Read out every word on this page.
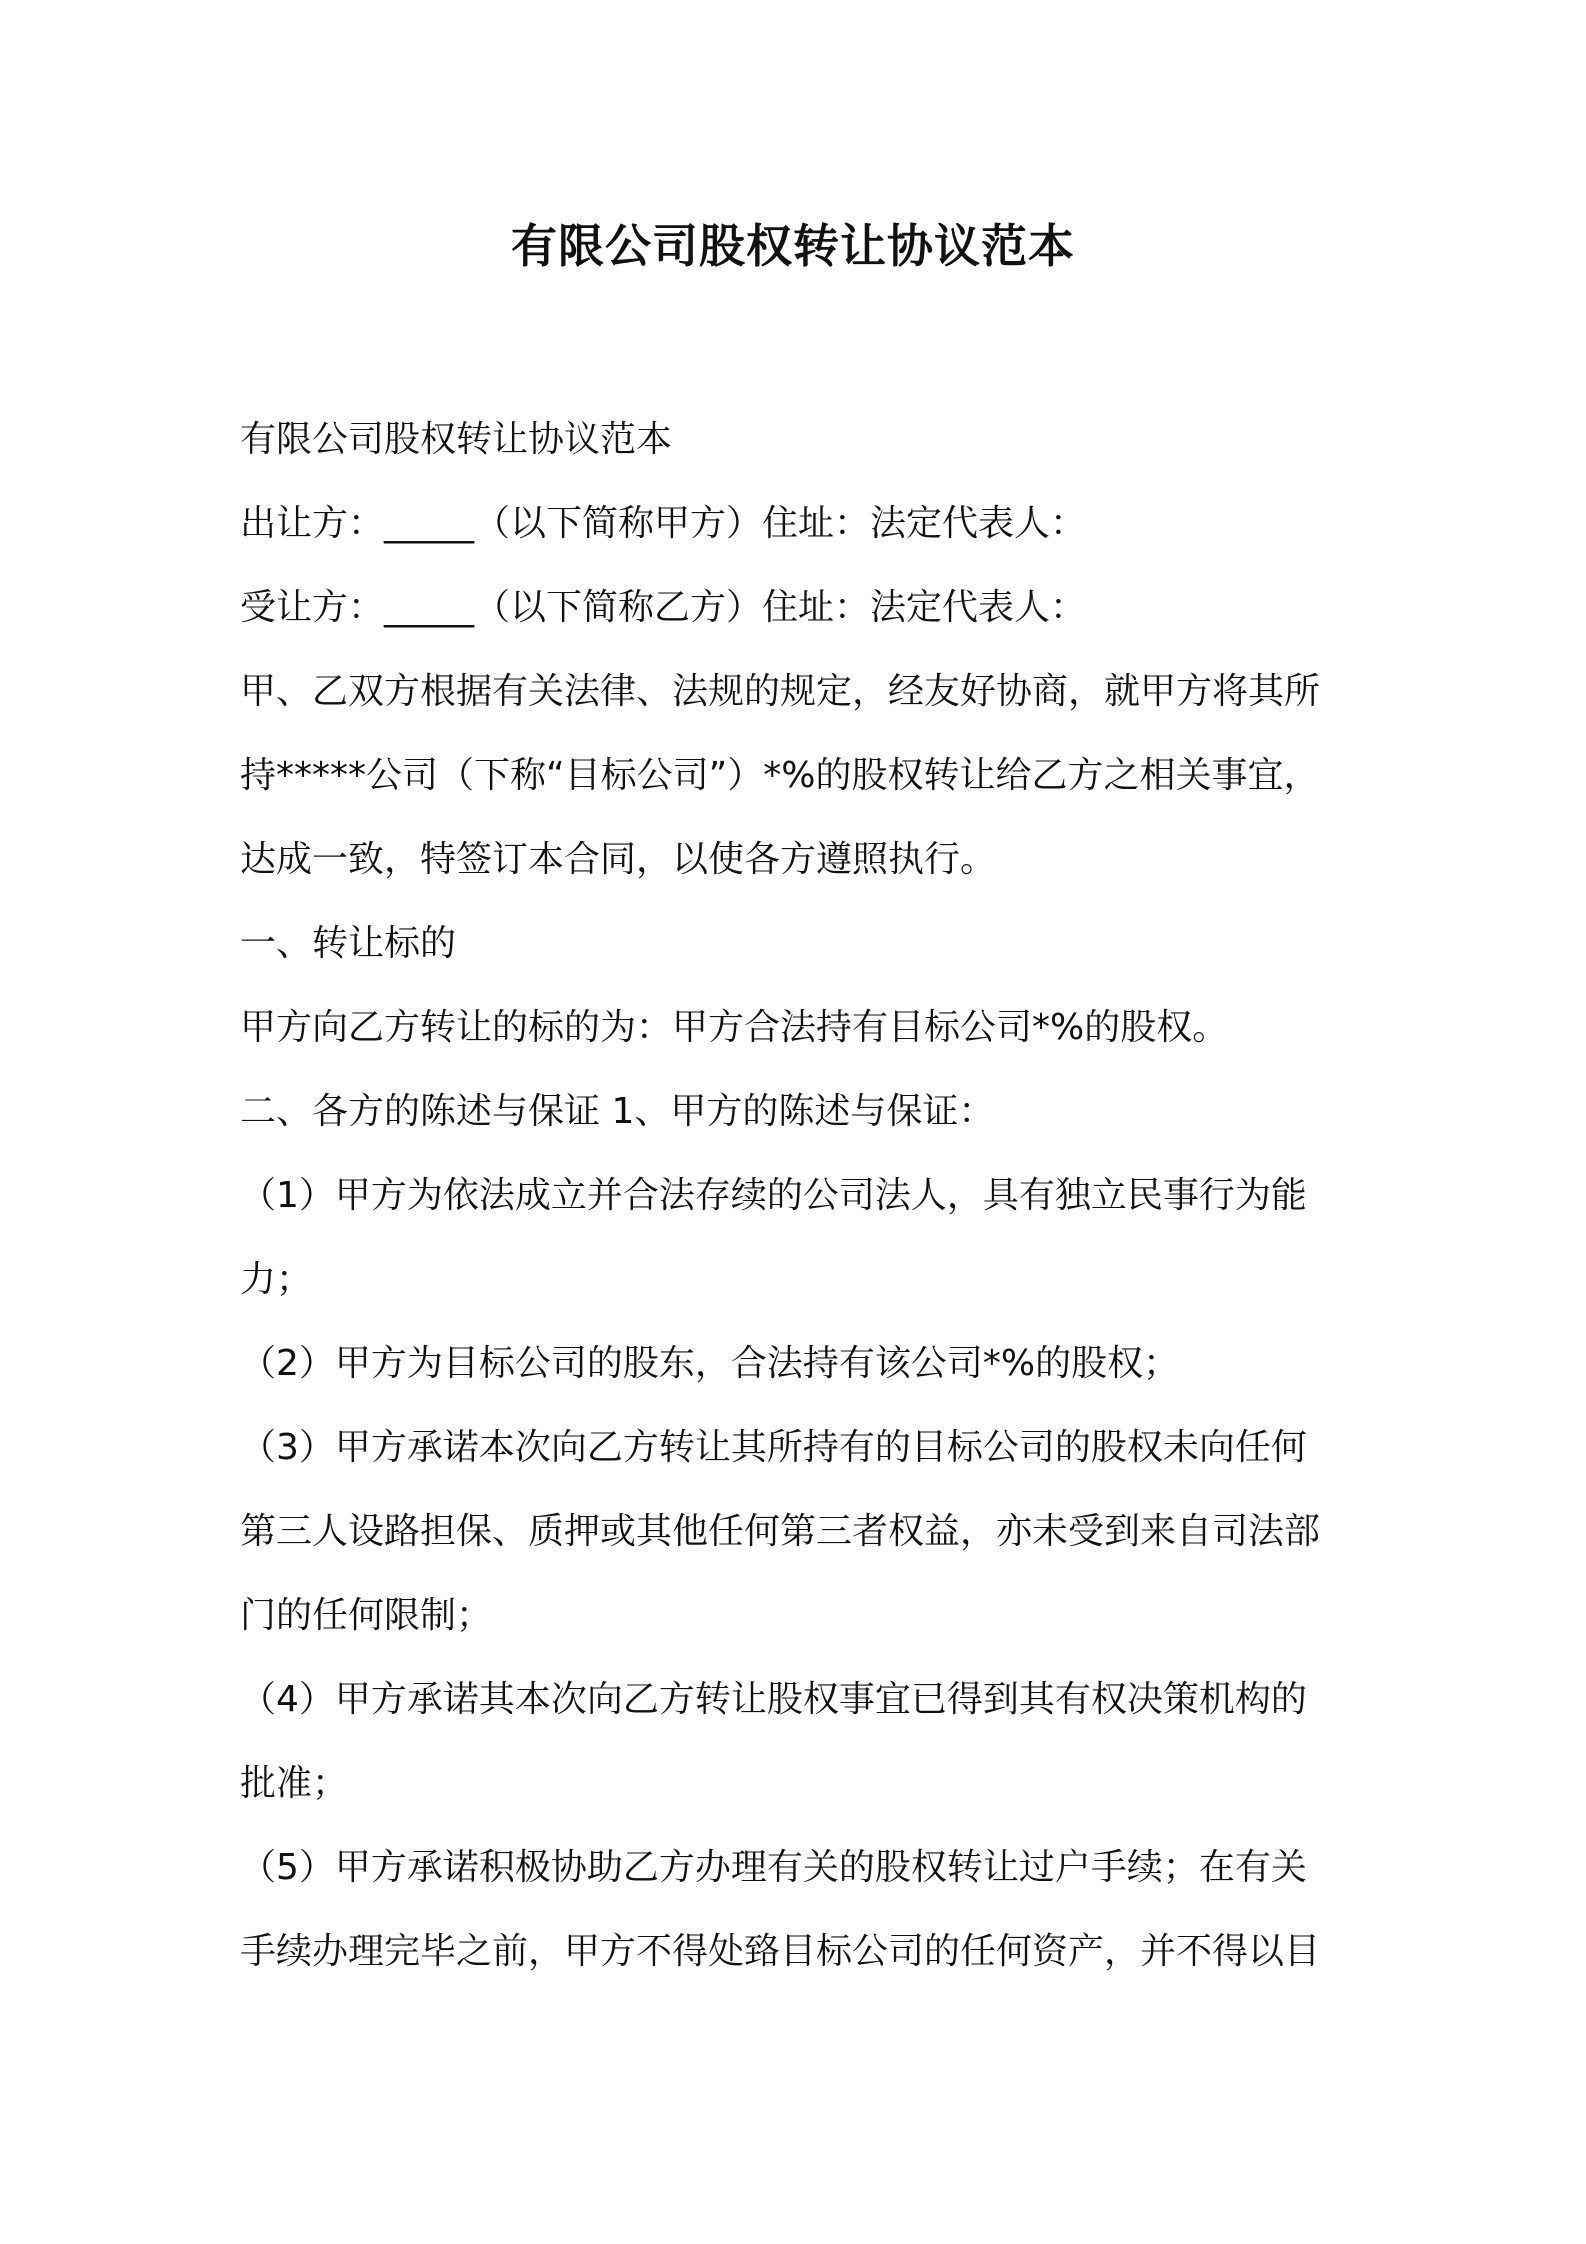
有限公司股权转让协议范本

有限公司股权转让协议范本

出让方：_____（以下简称甲方）住址：法定代表人：

受让方：_____（以下简称乙方）住址：法定代表人：

甲、乙双方根据有关法律、法规的规定，经友好协商，就甲方将其所

持*****公司（下称“目标公司”）*%的股权转让给乙方之相关事宜，

达成一致，特签订本合同，以使各方遵照执行。

一、转让标的

甲方向乙方转让的标的为：甲方合法持有目标公司*%的股权。

二、各方的陈述与保证 1、甲方的陈述与保证：

（1）甲方为依法成立并合法存续的公司法人，具有独立民事行为能

力；

（2）甲方为目标公司的股东，合法持有该公司*%的股权；

（3）甲方承诺本次向乙方转让其所持有的目标公司的股权未向任何

第三人设路担保、质押或其他任何第三者权益，亦未受到来自司法部

门的任何限制；

（4）甲方承诺其本次向乙方转让股权事宜已得到其有权决策机构的

批准；

（5）甲方承诺积极协助乙方办理有关的股权转让过户手续；在有关

手续办理完毕之前，甲方不得处臵目标公司的任何资产，并不得以目
